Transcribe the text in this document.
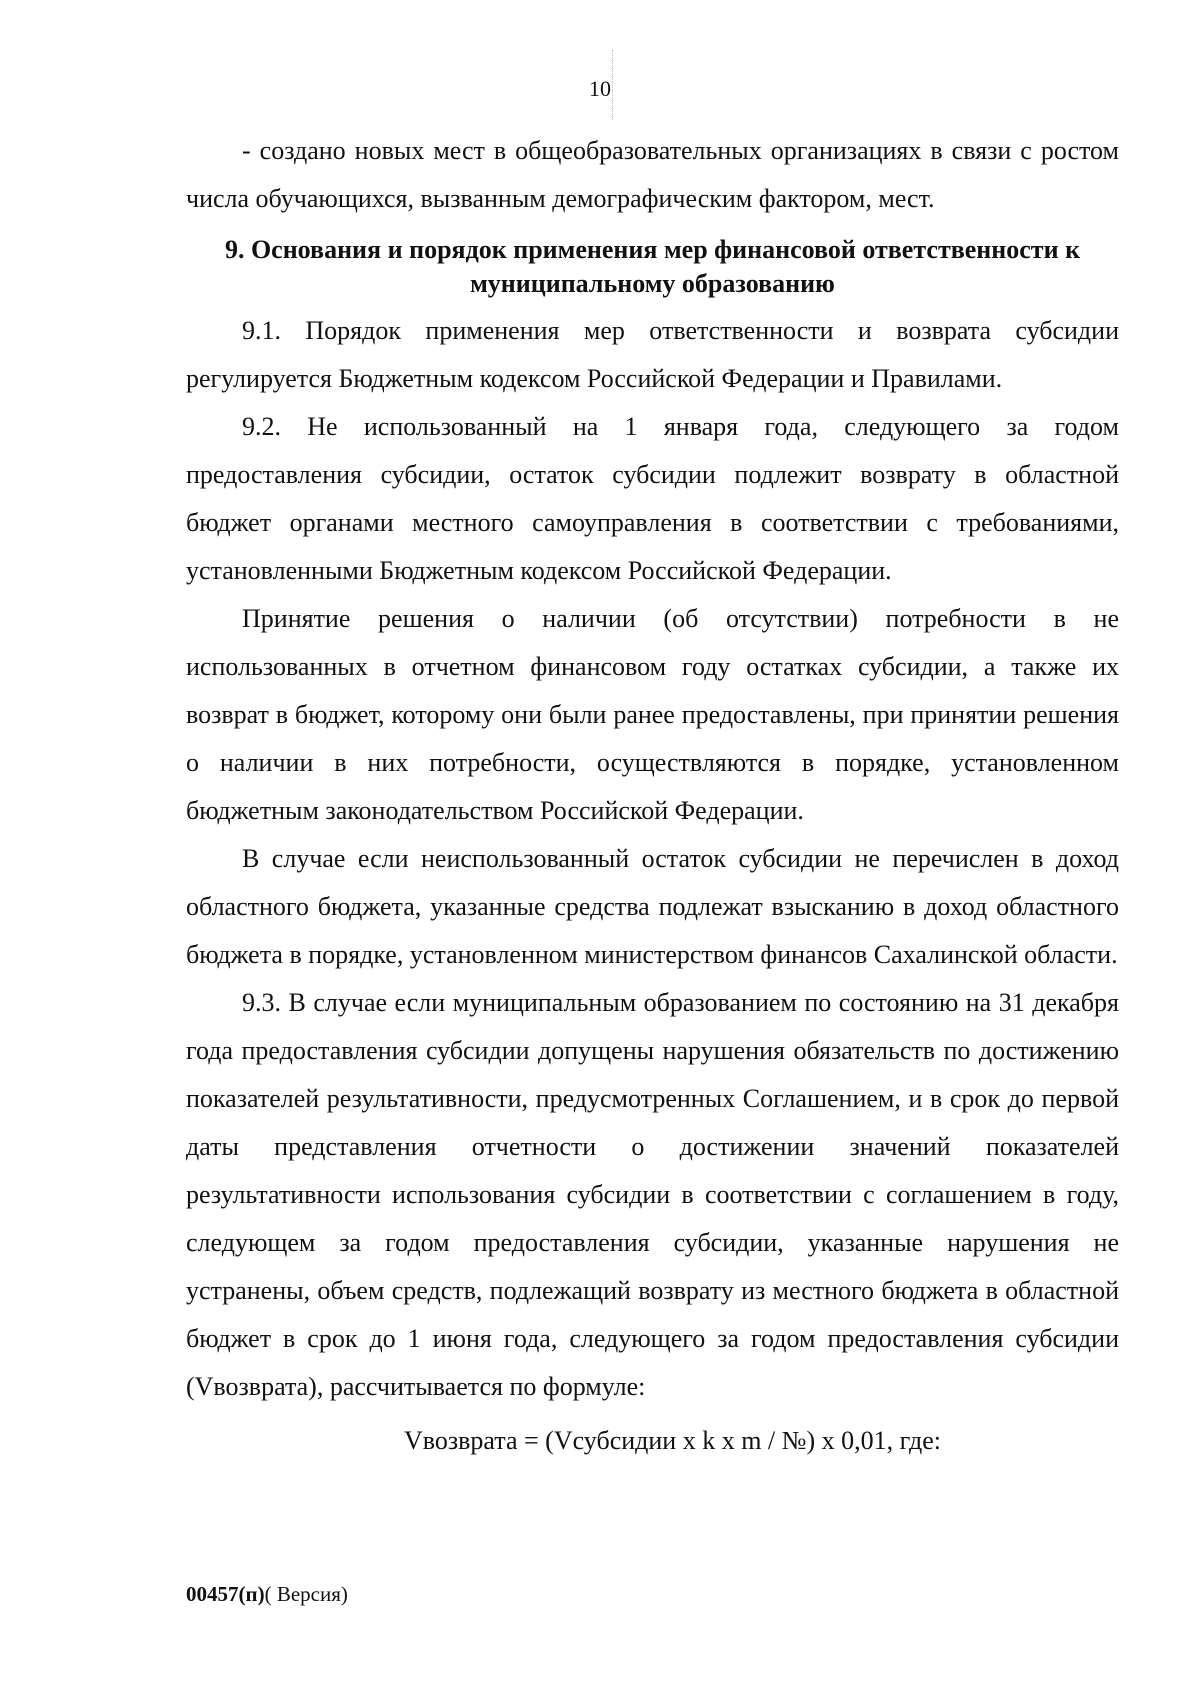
10

- создано новых мест в общеобразовательных организациях в связи с ростом числа обучающихся, вызванным демографическим фактором, мест.

9. Основания и порядок применения мер финансовой ответственности к муниципальному образованию

9.1. Порядок применения мер ответственности и возврата субсидии регулируется Бюджетным кодексом Российской Федерации и Правилами.

9.2. Не использованный на 1 января года, следующего за годом предоставления субсидии, остаток субсидии подлежит возврату в областной бюджет органами местного самоуправления в соответствии с требованиями, установленными Бюджетным кодексом Российской Федерации.

Принятие решения о наличии (об отсутствии) потребности в не использованных в отчетном финансовом году остатках субсидии, а также их возврат в бюджет, которому они были ранее предоставлены, при принятии решения о наличии в них потребности, осуществляются в порядке, установленном бюджетным законодательством Российской Федерации.

В случае если неиспользованный остаток субсидии не перечислен в доход областного бюджета, указанные средства подлежат взысканию в доход областного бюджета в порядке, установленном министерством финансов Сахалинской области.

9.3. В случае если муниципальным образованием по состоянию на 31 декабря года предоставления субсидии допущены нарушения обязательств по достижению показателей результативности, предусмотренных Соглашением, и в срок до первой даты представления отчетности о достижении значений показателей результативности использования субсидии в соответствии с соглашением в году, следующем за годом предоставления субсидии, указанные нарушения не устранены, объем средств, подлежащий возврату из местного бюджета в областной бюджет в срок до 1 июня года, следующего за годом предоставления субсидии (Vвозврата), рассчитывается по формуле:

Vвозврата = (Vсубсидии x k x m / №) x 0,01, где:

00457(п)( Версия)
